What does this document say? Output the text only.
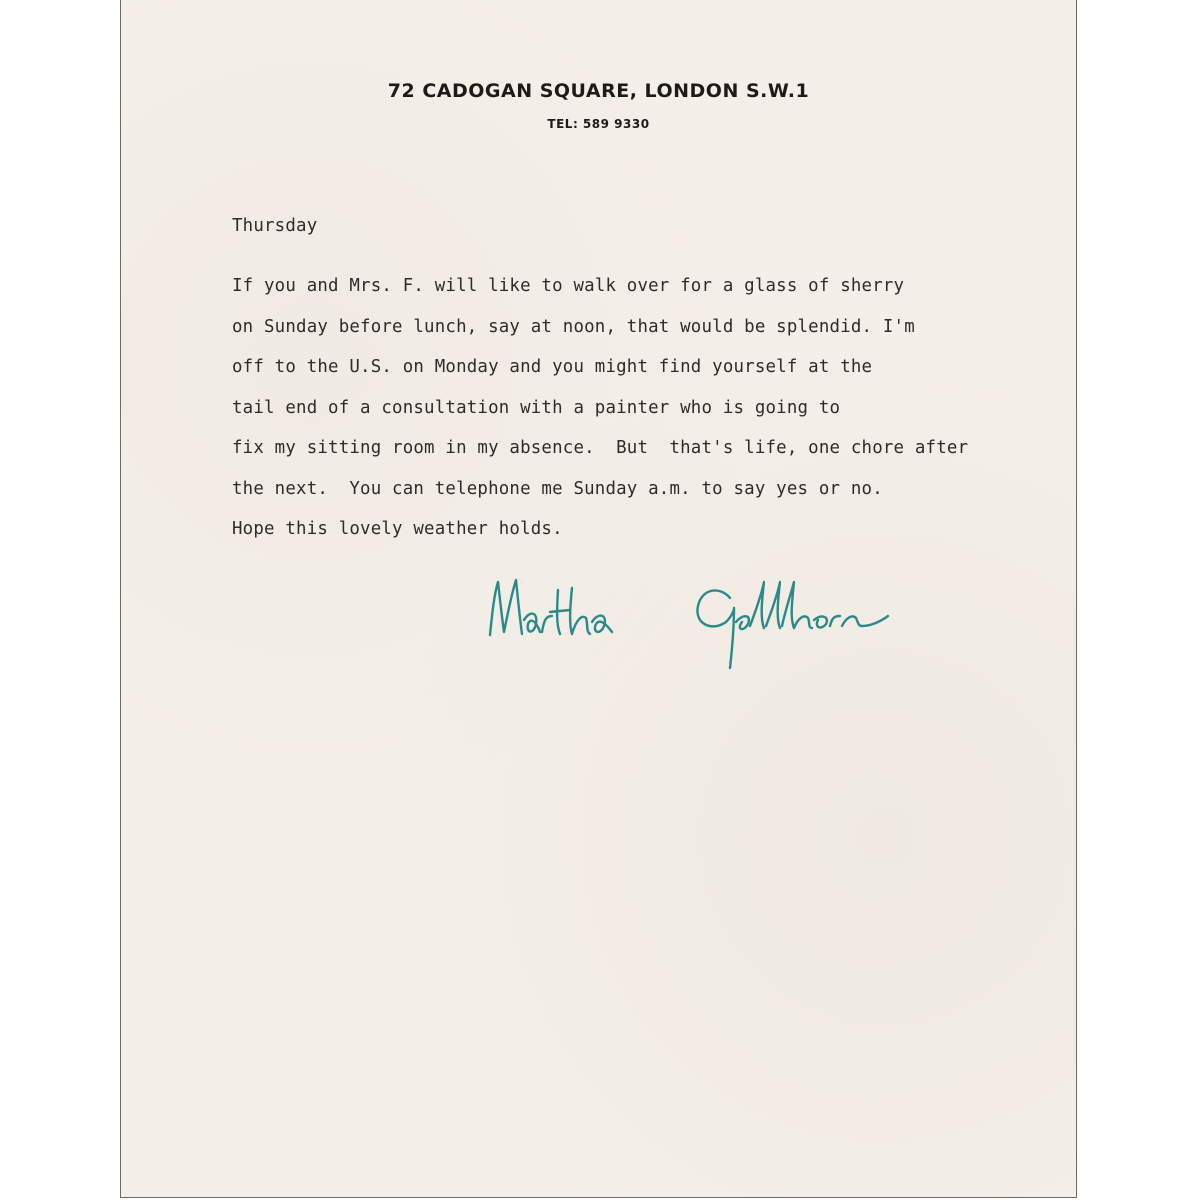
72 CADOGAN SQUARE, LONDON S.W.1
TEL: 589 9330
Thursday
If you and Mrs. F. will like to walk over for a glass of sherry
on Sunday before lunch, say at noon, that would be splendid. I'm
off to the U.S. on Monday and you might find yourself at the
tail end of a consultation with a painter who is going to
fix my sitting room in my absence.  But  that's life, one chore after
the next.  You can telephone me Sunday a.m. to say yes or no.
Hope this lovely weather holds.
